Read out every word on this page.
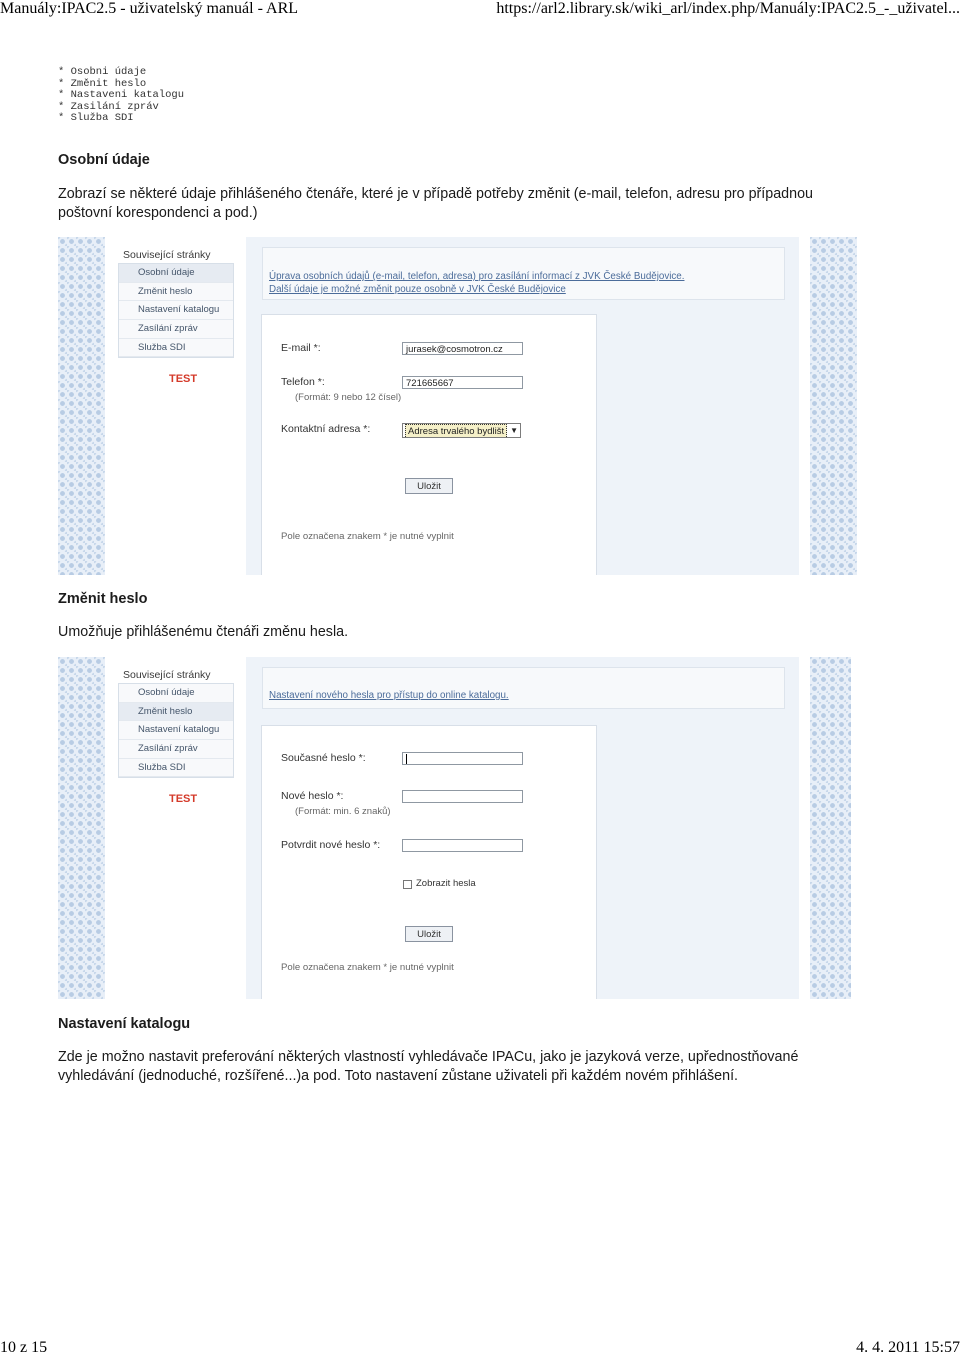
Manuály:IPAC2.5 - uživatelský manuál - ARL	https://arl2.library.sk/wiki_arl/index.php/Manuály:IPAC2.5_-_uživatel...
* Osobni údaje
* Změnit heslo
* Nastaveni katalogu
* Zasilání zpráv
* Služba SDI
Osobní údaje
Zobrazí se některé údaje přihlášeného čtenáře, které je v případě potřeby změnit (e-mail, telefon, adresu pro případnou
poštovní korespondenci a pod.)
Související stránky
Osobní údaje
Změnit heslo
Nastavení katalogu
Zasílání zpráv
Služba SDI
TEST
Úprava osobních údajů (e-mail, telefon, adresa) pro zasílání informací z JVK České Budějovice.
Další údaje je možné změnit pouze osobně v JVK České Budějovice
E-mail *:	jurasek@cosmotron.cz
Telefon *:	721665667
(Formát: 9 nebo 12 čísel)
Kontaktní adresa *:	Adresa trvalého bydlišt ▼
Uložit
Pole označena znakem * je nutné vyplnit
Změnit heslo
Umožňuje přihlášenému čtenáři změnu hesla.
Související stránky
Osobní údaje
Změnit heslo
Nastavení katalogu
Zasílání zpráv
Služba SDI
TEST
Nastavení nového hesla pro přístup do online katalogu.
Současné heslo *:
Nové heslo *:
(Formát: min. 6 znaků)
Potvrdit nové heslo *:
Zobrazit hesla
Uložit
Pole označena znakem * je nutné vyplnit
Nastavení katalogu
Zde je možno nastavit preferování některých vlastností vyhledávače IPACu, jako je jazyková verze, upřednostňované
vyhledávání (jednoduché, rozšířené...)a pod. Toto nastavení zůstane uživateli při každém novém přihlášení.
10 z 15	4. 4. 2011 15:57
